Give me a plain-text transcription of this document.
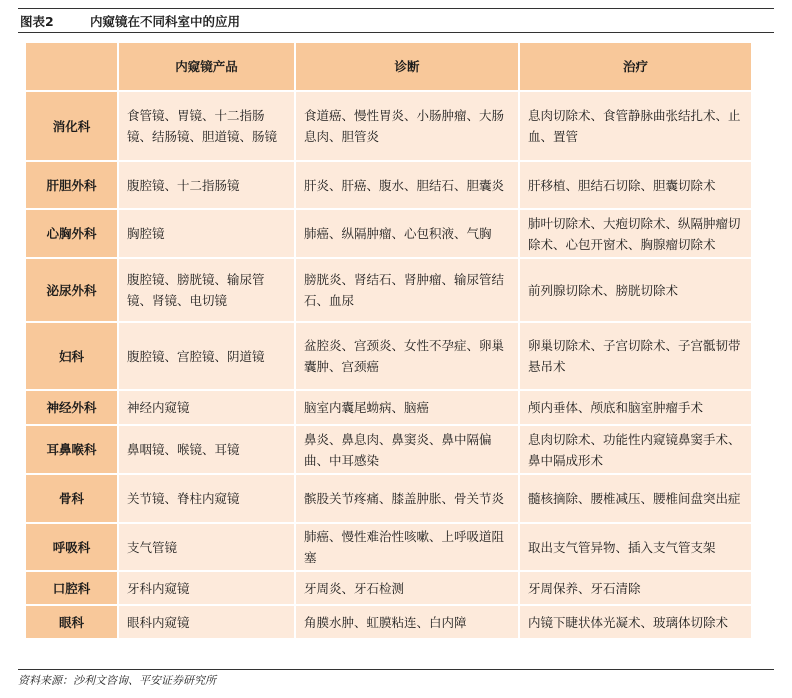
图表2	内窥镜在不同科室中的应用
	内窥镜产品	诊断	治疗
消化科	食管镜、胃镜、十二指肠镜、结肠镜、胆道镜、肠镜	食道癌、慢性胃炎、小肠肿瘤、大肠息肉、胆管炎	息肉切除术、食管静脉曲张结扎术、止血、置管
肝胆外科	腹腔镜、十二指肠镜	肝炎、肝癌、腹水、胆结石、胆囊炎	肝移植、胆结石切除、胆囊切除术
心胸外科	胸腔镜	肺癌、纵隔肿瘤、心包积液、气胸	肺叶切除术、大疱切除术、纵隔肿瘤切除术、心包开窗术、胸腺瘤切除术
泌尿外科	腹腔镜、膀胱镜、输尿管镜、肾镜、电切镜	膀胱炎、肾结石、肾肿瘤、输尿管结石、血尿	前列腺切除术、膀胱切除术
妇科	腹腔镜、宫腔镜、阴道镜	盆腔炎、宫颈炎、女性不孕症、卵巢囊肿、宫颈癌	卵巢切除术、子宫切除术、子宫骶韧带悬吊术
神经外科	神经内窥镜	脑室内囊尾蚴病、脑癌	颅内垂体、颅底和脑室肿瘤手术
耳鼻喉科	鼻咽镜、喉镜、耳镜	鼻炎、鼻息肉、鼻窦炎、鼻中隔偏曲、中耳感染	息肉切除术、功能性内窥镜鼻窦手术、鼻中隔成形术
骨科	关节镜、脊柱内窥镜	髌股关节疼痛、膝盖肿胀、骨关节炎	髓核摘除、腰椎减压、腰椎间盘突出症
呼吸科	支气管镜	肺癌、慢性难治性咳嗽、上呼吸道阻塞	取出支气管异物、插入支气管支架
口腔科	牙科内窥镜	牙周炎、牙石检测	牙周保养、牙石清除
眼科	眼科内窥镜	角膜水肿、虹膜粘连、白内障	内镜下睫状体光凝术、玻璃体切除术
资料来源：沙利文咨询、平安证券研究所
